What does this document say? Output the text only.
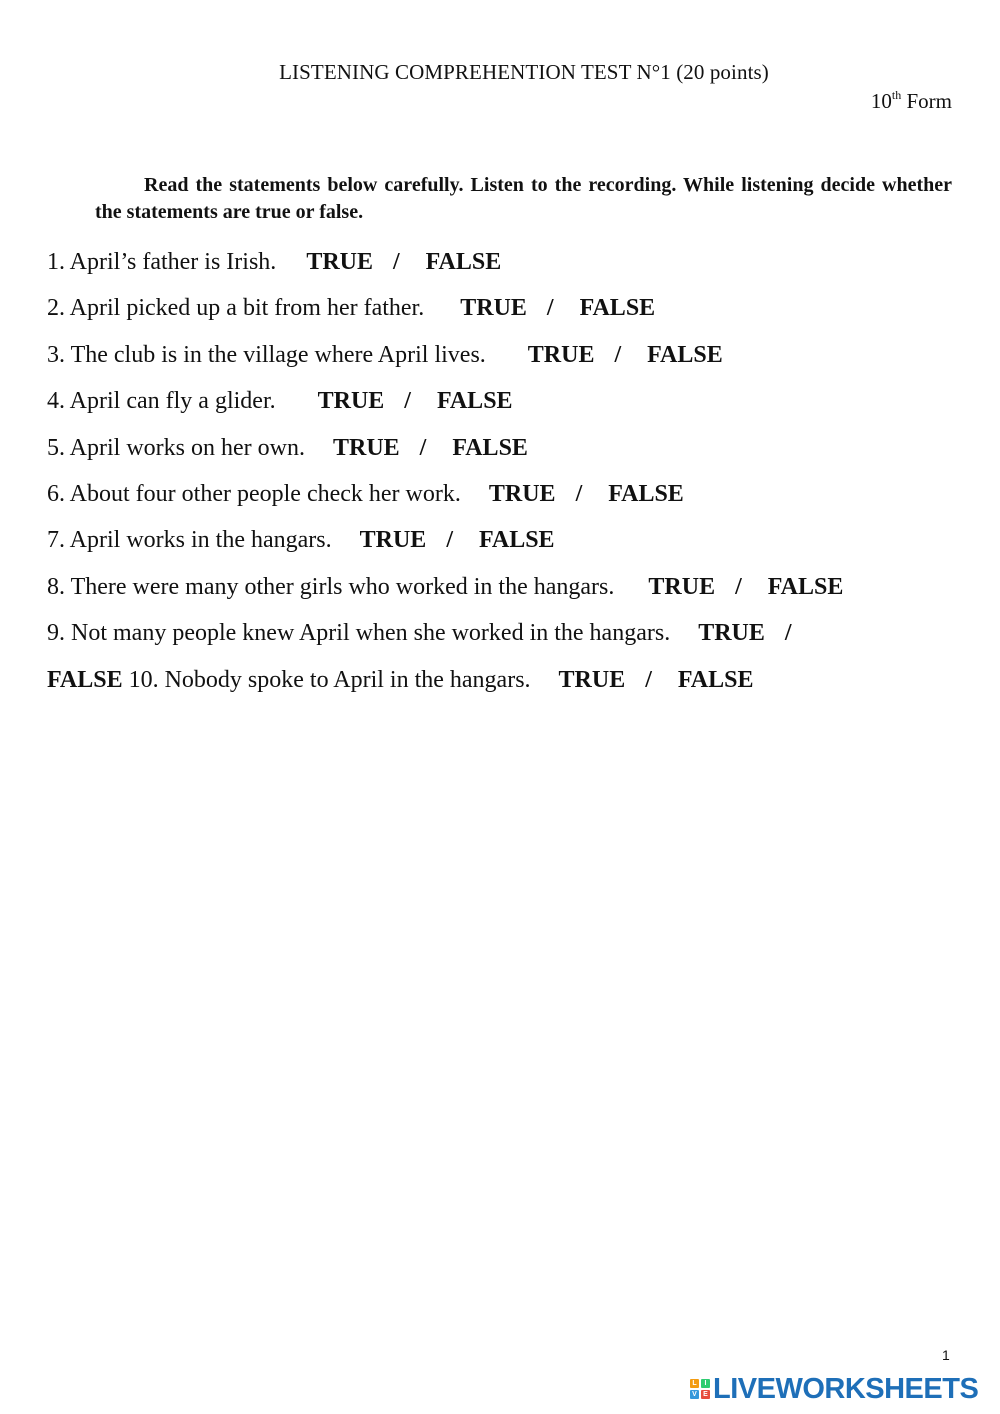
LISTENING COMPREHENTION TEST N°1 (20 points)
10th Form
Read the statements below carefully. Listen to the recording. While listening decide whether the statements are true or false.
1. April’s father is Irish. TRUE / FALSE
2. April picked up a bit from her father. TRUE / FALSE
3. The club is in the village where April lives. TRUE / FALSE
4. April can fly a glider. TRUE / FALSE
5. April works on her own. TRUE / FALSE
6. About four other people check her work. TRUE / FALSE
7. April works in the hangars. TRUE / FALSE
8. There were many other girls who worked in the hangars. TRUE / FALSE
9. Not many people knew April when she worked in the hangars. TRUE /
FALSE 10. Nobody spoke to April in the hangars. TRUE / FALSE
1
L	I
V E LIVEWORKSHEETS
